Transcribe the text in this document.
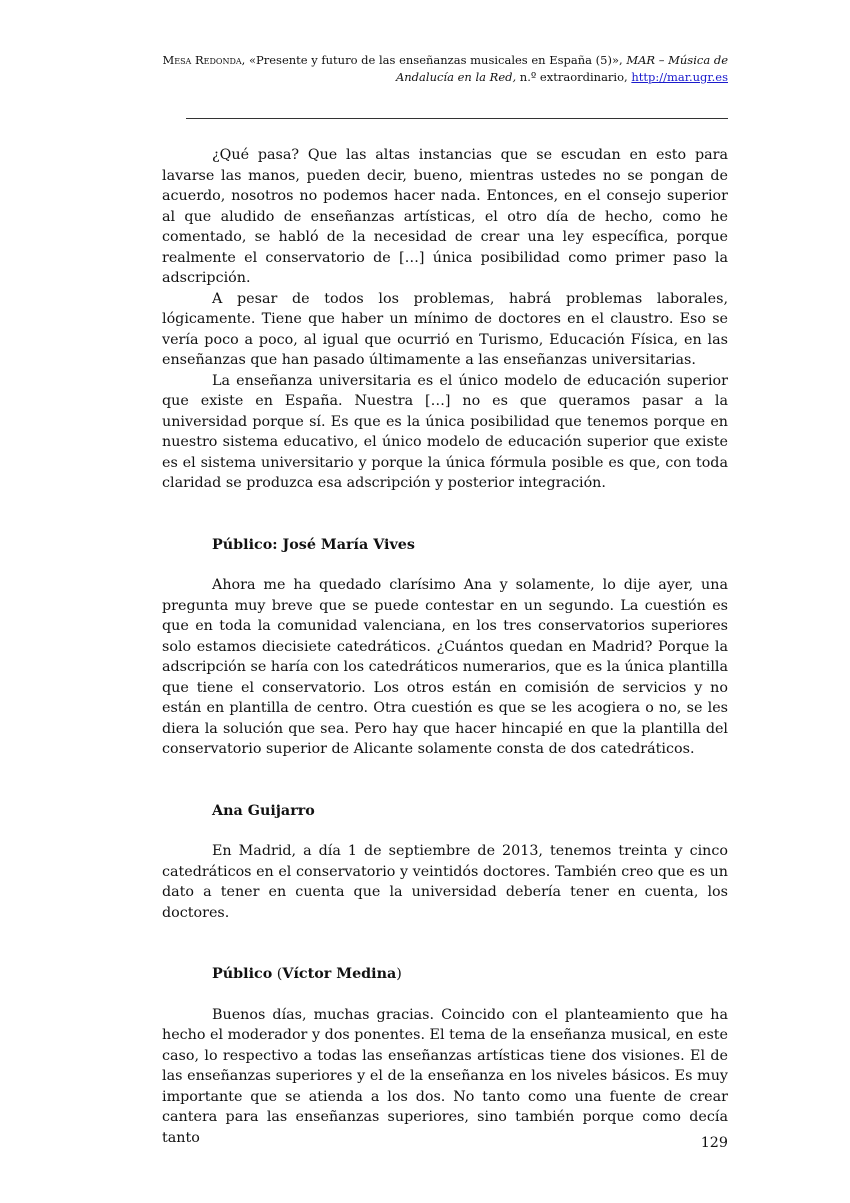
Mesa Redonda, «Presente y futuro de las enseñanzas musicales en España (5)», MAR – Música de Andalucía en la Red, n.º extraordinario, http://mar.ugr.es

¿Qué pasa? Que las altas instancias que se escudan en esto para lavarse las manos, pueden decir, bueno, mientras ustedes no se pongan de acuerdo, nosotros no podemos hacer nada. Entonces, en el consejo superior al que aludido de enseñanzas artísticas, el otro día de hecho, como he comentado, se habló de la necesidad de crear una ley específica, porque realmente el conservatorio de […] única posibilidad como primer paso la adscripción.

A pesar de todos los problemas, habrá problemas laborales, lógicamente. Tiene que haber un mínimo de doctores en el claustro. Eso se vería poco a poco, al igual que ocurrió en Turismo, Educación Física, en las enseñanzas que han pasado últimamente a las enseñanzas universitarias.

La enseñanza universitaria es el único modelo de educación superior que existe en España. Nuestra […] no es que queramos pasar a la universidad porque sí. Es que es la única posibilidad que tenemos porque en nuestro sistema educativo, el único modelo de educación superior que existe es el sistema universitario y porque la única fórmula posible es que, con toda claridad se produzca esa adscripción y posterior integración.

Público: José María Vives

Ahora me ha quedado clarísimo Ana y solamente, lo dije ayer, una pregunta muy breve que se puede contestar en un segundo. La cuestión es que en toda la comunidad valenciana, en los tres conservatorios superiores solo estamos diecisiete catedráticos. ¿Cuántos quedan en Madrid? Porque la adscripción se haría con los catedráticos numerarios, que es la única plantilla que tiene el conservatorio. Los otros están en comisión de servicios y no están en plantilla de centro. Otra cuestión es que se les acogiera o no, se les diera la solución que sea. Pero hay que hacer hincapié en que la plantilla del conservatorio superior de Alicante solamente consta de dos catedráticos.

Ana Guijarro

En Madrid, a día 1 de septiembre de 2013, tenemos treinta y cinco catedráticos en el conservatorio y veintidós doctores. También creo que es un dato a tener en cuenta que la universidad debería tener en cuenta, los doctores.

Público (Víctor Medina)

Buenos días, muchas gracias. Coincido con el planteamiento que ha hecho el moderador y dos ponentes. El tema de la enseñanza musical, en este caso, lo respectivo a todas las enseñanzas artísticas tiene dos visiones. El de las enseñanzas superiores y el de la enseñanza en los niveles básicos. Es muy importante que se atienda a los dos. No tanto como una fuente de crear cantera para las enseñanzas superiores, sino también porque como decía tanto	129
